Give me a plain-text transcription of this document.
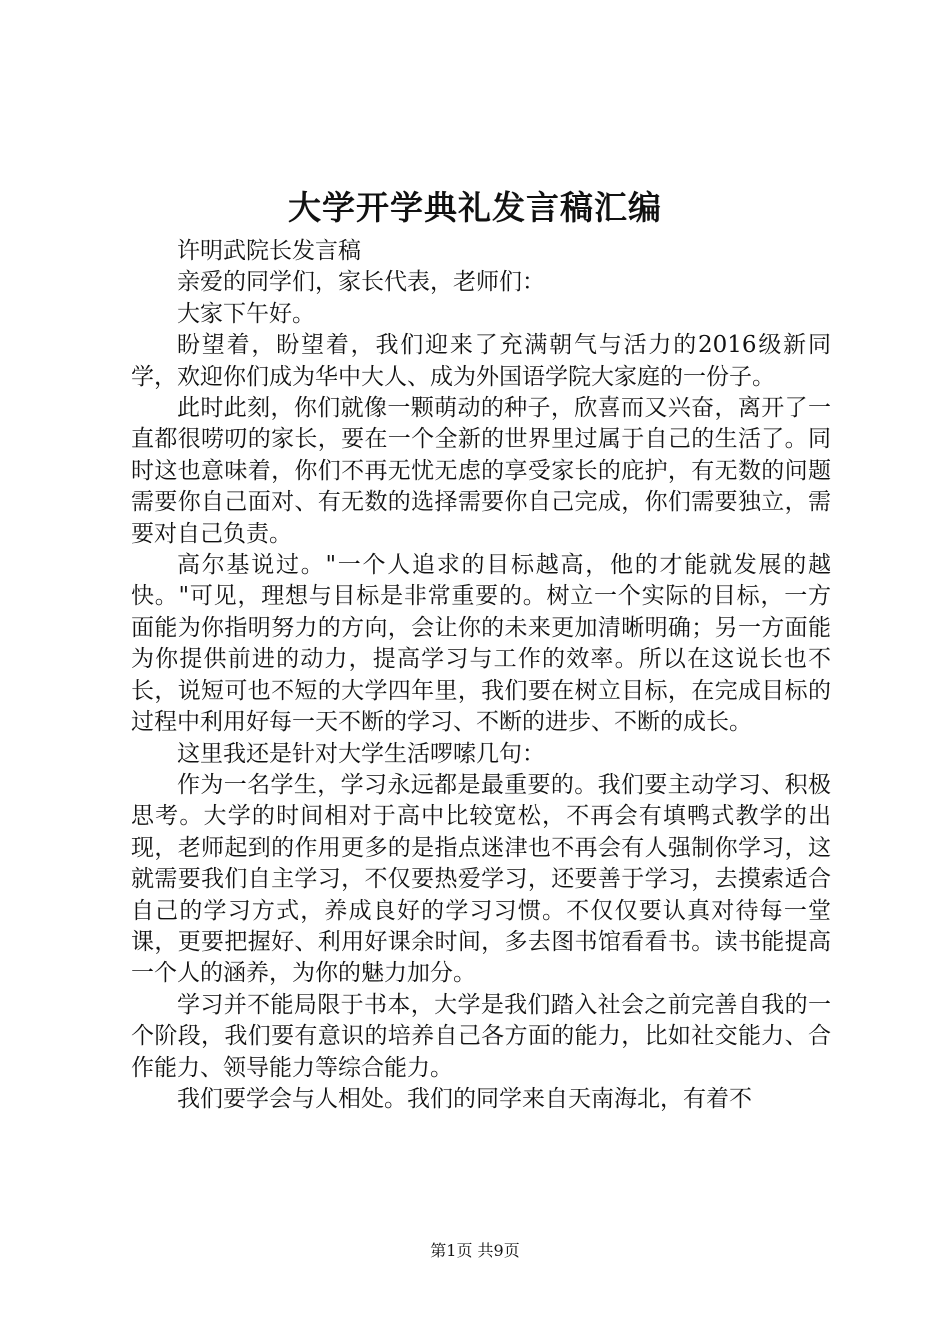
大学开学典礼发言稿汇编

许明武院长发言稿

亲爱的同学们，家长代表，老师们：

大家下午好。

盼望着，盼望着，我们迎来了充满朝气与活力的2016级新同学，欢迎你们成为华中大人、成为外国语学院大家庭的一份子。

此时此刻，你们就像一颗萌动的种子，欣喜而又兴奋，离开了一直都很唠叨的家长，要在一个全新的世界里过属于自己的生活了。同时这也意味着，你们不再无忧无虑的享受家长的庇护，有无数的问题需要你自己面对、有无数的选择需要你自己完成，你们需要独立，需要对自己负责。

高尔基说过。"一个人追求的目标越高，他的才能就发展的越快。"可见，理想与目标是非常重要的。树立一个实际的目标，一方面能为你指明努力的方向，会让你的未来更加清晰明确；另一方面能为你提供前进的动力，提高学习与工作的效率。所以在这说长也不长，说短可也不短的大学四年里，我们要在树立目标，在完成目标的过程中利用好每一天不断的学习、不断的进步、不断的成长。

这里我还是针对大学生活啰嗦几句：

作为一名学生，学习永远都是最重要的。我们要主动学习、积极思考。大学的时间相对于高中比较宽松，不再会有填鸭式教学的出现，老师起到的作用更多的是指点迷津也不再会有人强制你学习，这就需要我们自主学习，不仅要热爱学习，还要善于学习，去摸索适合自己的学习方式，养成良好的学习习惯。不仅仅要认真对待每一堂课，更要把握好、利用好课余时间，多去图书馆看看书。读书能提高一个人的涵养，为你的魅力加分。

学习并不能局限于书本，大学是我们踏入社会之前完善自我的一个阶段，我们要有意识的培养自己各方面的能力，比如社交能力、合作能力、领导能力等综合能力。

我们要学会与人相处。我们的同学来自天南海北，有着不

第1页 共9页
